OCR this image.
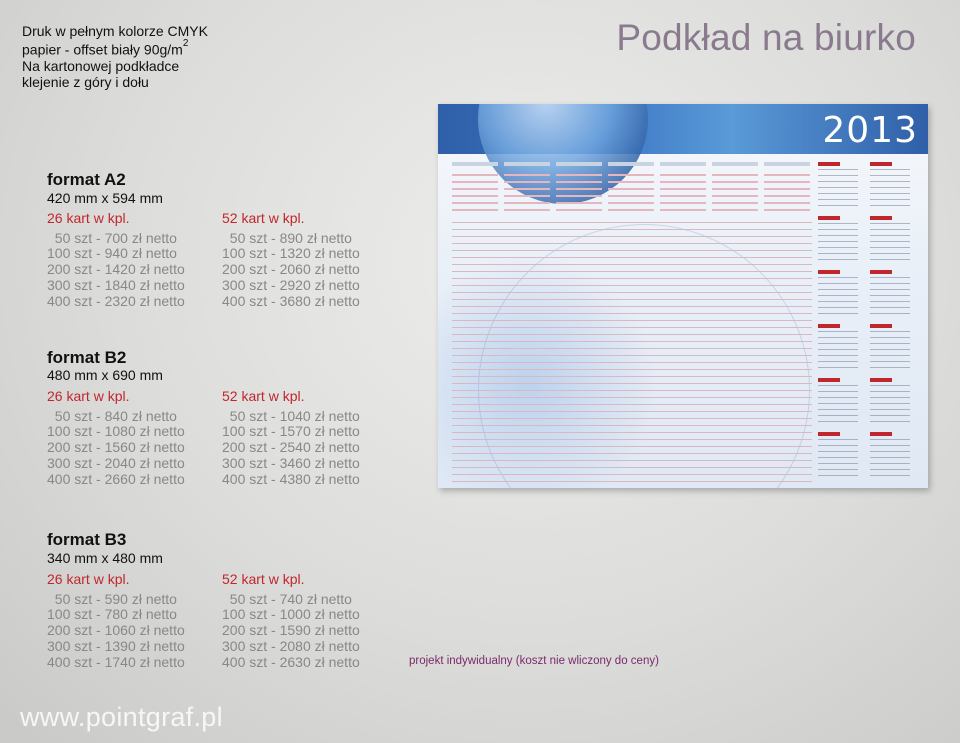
Druk w pełnym kolorze CMYK
papier - offset biały $90g/m^2$
Na kartonowej podkładce
klejenie z góry i dołu
Podkład na biurko
format A2
420 mm x 594 mm
26 kart w kpl.
50 szt - 700 zł netto
100 szt - 940 zł netto
200 szt - 1420 zł netto
300 szt - 1840 zł netto
400 szt - 2320 zł netto
52 kart w kpl.
50 szt - 890 zł netto
100 szt - 1320 zł netto
200 szt - 2060 zł netto
300 szt - 2920 zł netto
400 szt - 3680 zł netto
format B2
480 mm x 690 mm
26 kart w kpl.
50 szt - 840 zł netto
100 szt - 1080 zł netto
200 szt - 1560 zł netto
300 szt - 2040 zł netto
400 szt - 2660 zł netto
52 kart w kpl.
50 szt - 1040 zł netto
100 szt - 1570 zł netto
200 szt - 2540 zł netto
300 szt - 3460 zł netto
400 szt - 4380 zł netto
format B3
340 mm x 480 mm
26 kart w kpl.
50 szt - 590 zł netto
100 szt - 780 zł netto
200 szt - 1060 zł netto
300 szt - 1390 zł netto
400 szt - 1740 zł netto
52 kart w kpl.
50 szt - 740 zł netto
100 szt - 1000 zł netto
200 szt - 1590 zł netto
300 szt - 2080 zł netto
400 szt - 2630 zł netto	projekt indywidualny (koszt nie wliczony do ceny)
2013
www.pointgraf.pl
